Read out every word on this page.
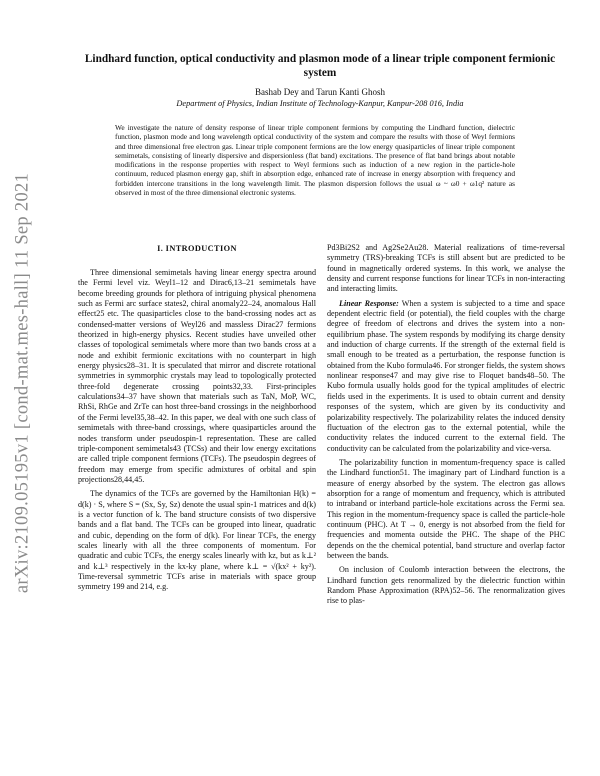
arXiv:2109.05195v1 [cond-mat.mes-hall] 11 Sep 2021
Lindhard function, optical conductivity and plasmon mode of a linear triple component fermionic system
Bashab Dey and Tarun Kanti Ghosh
Department of Physics, Indian Institute of Technology-Kanpur, Kanpur-208 016, India
We investigate the nature of density response of linear triple component fermions by computing the Lindhard function, dielectric function, plasmon mode and long wavelength optical conductivity of the system and compare the results with those of Weyl fermions and three dimensional free electron gas. Linear triple component fermions are the low energy quasiparticles of linear triple component semimetals, consisting of linearly dispersive and dispersionless (flat band) excitations. The presence of flat band brings about notable modifications in the response properties with respect to Weyl fermions such as induction of a new region in the particle-hole continuum, reduced plasmon energy gap, shift in absorption edge, enhanced rate of increase in energy absorption with frequency and forbidden intercone transitions in the long wavelength limit. The plasmon dispersion follows the usual ω ~ ω0 + ω1q² nature as observed in most of the three dimensional electronic systems.
I. INTRODUCTION

Three dimensional semimetals having linear energy spectra around the Fermi level viz. Weyl1–12 and Dirac6,13–21 semimetals have become breeding grounds for plethora of intriguing physical phenomena such as Fermi arc surface states2, chiral anomaly22–24, anomalous Hall effect25 etc. The quasiparticles close to the band-crossing nodes act as condensed-matter versions of Weyl26 and massless Dirac27 fermions theorized in high-energy physics. Recent studies have unveiled other classes of topological semimetals where more than two bands cross at a node and exhibit fermionic excitations with no counterpart in high energy physics28–31. It is speculated that mirror and discrete rotational symmetries in symmorphic crystals may lead to topologically protected three-fold degenerate crossing points32,33. First-principles calculations34–37 have shown that materials such as TaN, MoP, WC, RhSi, RhGe and ZrTe can host three-band crossings in the neighborhood of the Fermi level35,38–42. In this paper, we deal with one such class of semimetals with three-band crossings, where quasiparticles around the nodes transform under pseudospin-1 representation. These are called triple-component semimetals43 (TCSs) and their low energy excitations are called triple component fermions (TCFs). The pseudospin degrees of freedom may emerge from specific admixtures of orbital and spin projections28,44,45.

The dynamics of the TCFs are governed by the Hamiltonian H(k) = d(k) · S, where S = (Sx, Sy, Sz) denote the usual spin-1 matrices and d(k) is a vector function of k. The band structure consists of two dispersive bands and a flat band. The TCFs can be grouped into linear, quadratic and cubic, depending on the form of d(k). For linear TCFs, the energy scales linearly with all the three components of momentum. For quadratic and cubic TCFs, the energy scales linearly with kz, but as k⊥² and k⊥³ respectively in the kx-ky plane, where k⊥ = √(kx² + ky²). Time-reversal symmetric TCFs arise in materials with space group symmetry 199 and 214, e.g.

Pd3Bi2S2 and Ag2Se2Au28. Material realizations of time-reversal symmetry (TRS)-breaking TCFs is still absent but are predicted to be found in magnetically ordered systems. In this work, we analyse the density and current response functions for linear TCFs in non-interacting and interacting limits.

Linear Response: When a system is subjected to a time and space dependent electric field (or potential), the field couples with the charge degree of freedom of electrons and drives the system into a non-equilibrium phase. The system responds by modifying its charge density and induction of charge currents. If the strength of the external field is small enough to be treated as a perturbation, the response function is obtained from the Kubo formula46. For stronger fields, the system shows nonlinear response47 and may give rise to Floquet bands48–50. The Kubo formula usually holds good for the typical amplitudes of electric fields used in the experiments. It is used to obtain current and density responses of the system, which are given by its conductivity and polarizability respectively. The polarizability relates the induced density fluctuation of the electron gas to the external potential, while the conductivity relates the induced current to the external field. The conductivity can be calculated from the polarizability and vice-versa.

The polarizability function in momentum-frequency space is called the Lindhard function51. The imaginary part of Lindhard function is a measure of energy absorbed by the system. The electron gas allows absorption for a range of momentum and frequency, which is attributed to intraband or interband particle-hole excitations across the Fermi sea. This region in the momentum-frequency space is called the particle-hole continuum (PHC). At T → 0, energy is not absorbed from the field for frequencies and momenta outside the PHC. The shape of the PHC depends on the the chemical potential, band structure and overlap factor between the bands.

On inclusion of Coulomb interaction between the electrons, the Lindhard function gets renormalized by the dielectric function within Random Phase Approximation (RPA)52–56. The renormalization gives rise to plas-
